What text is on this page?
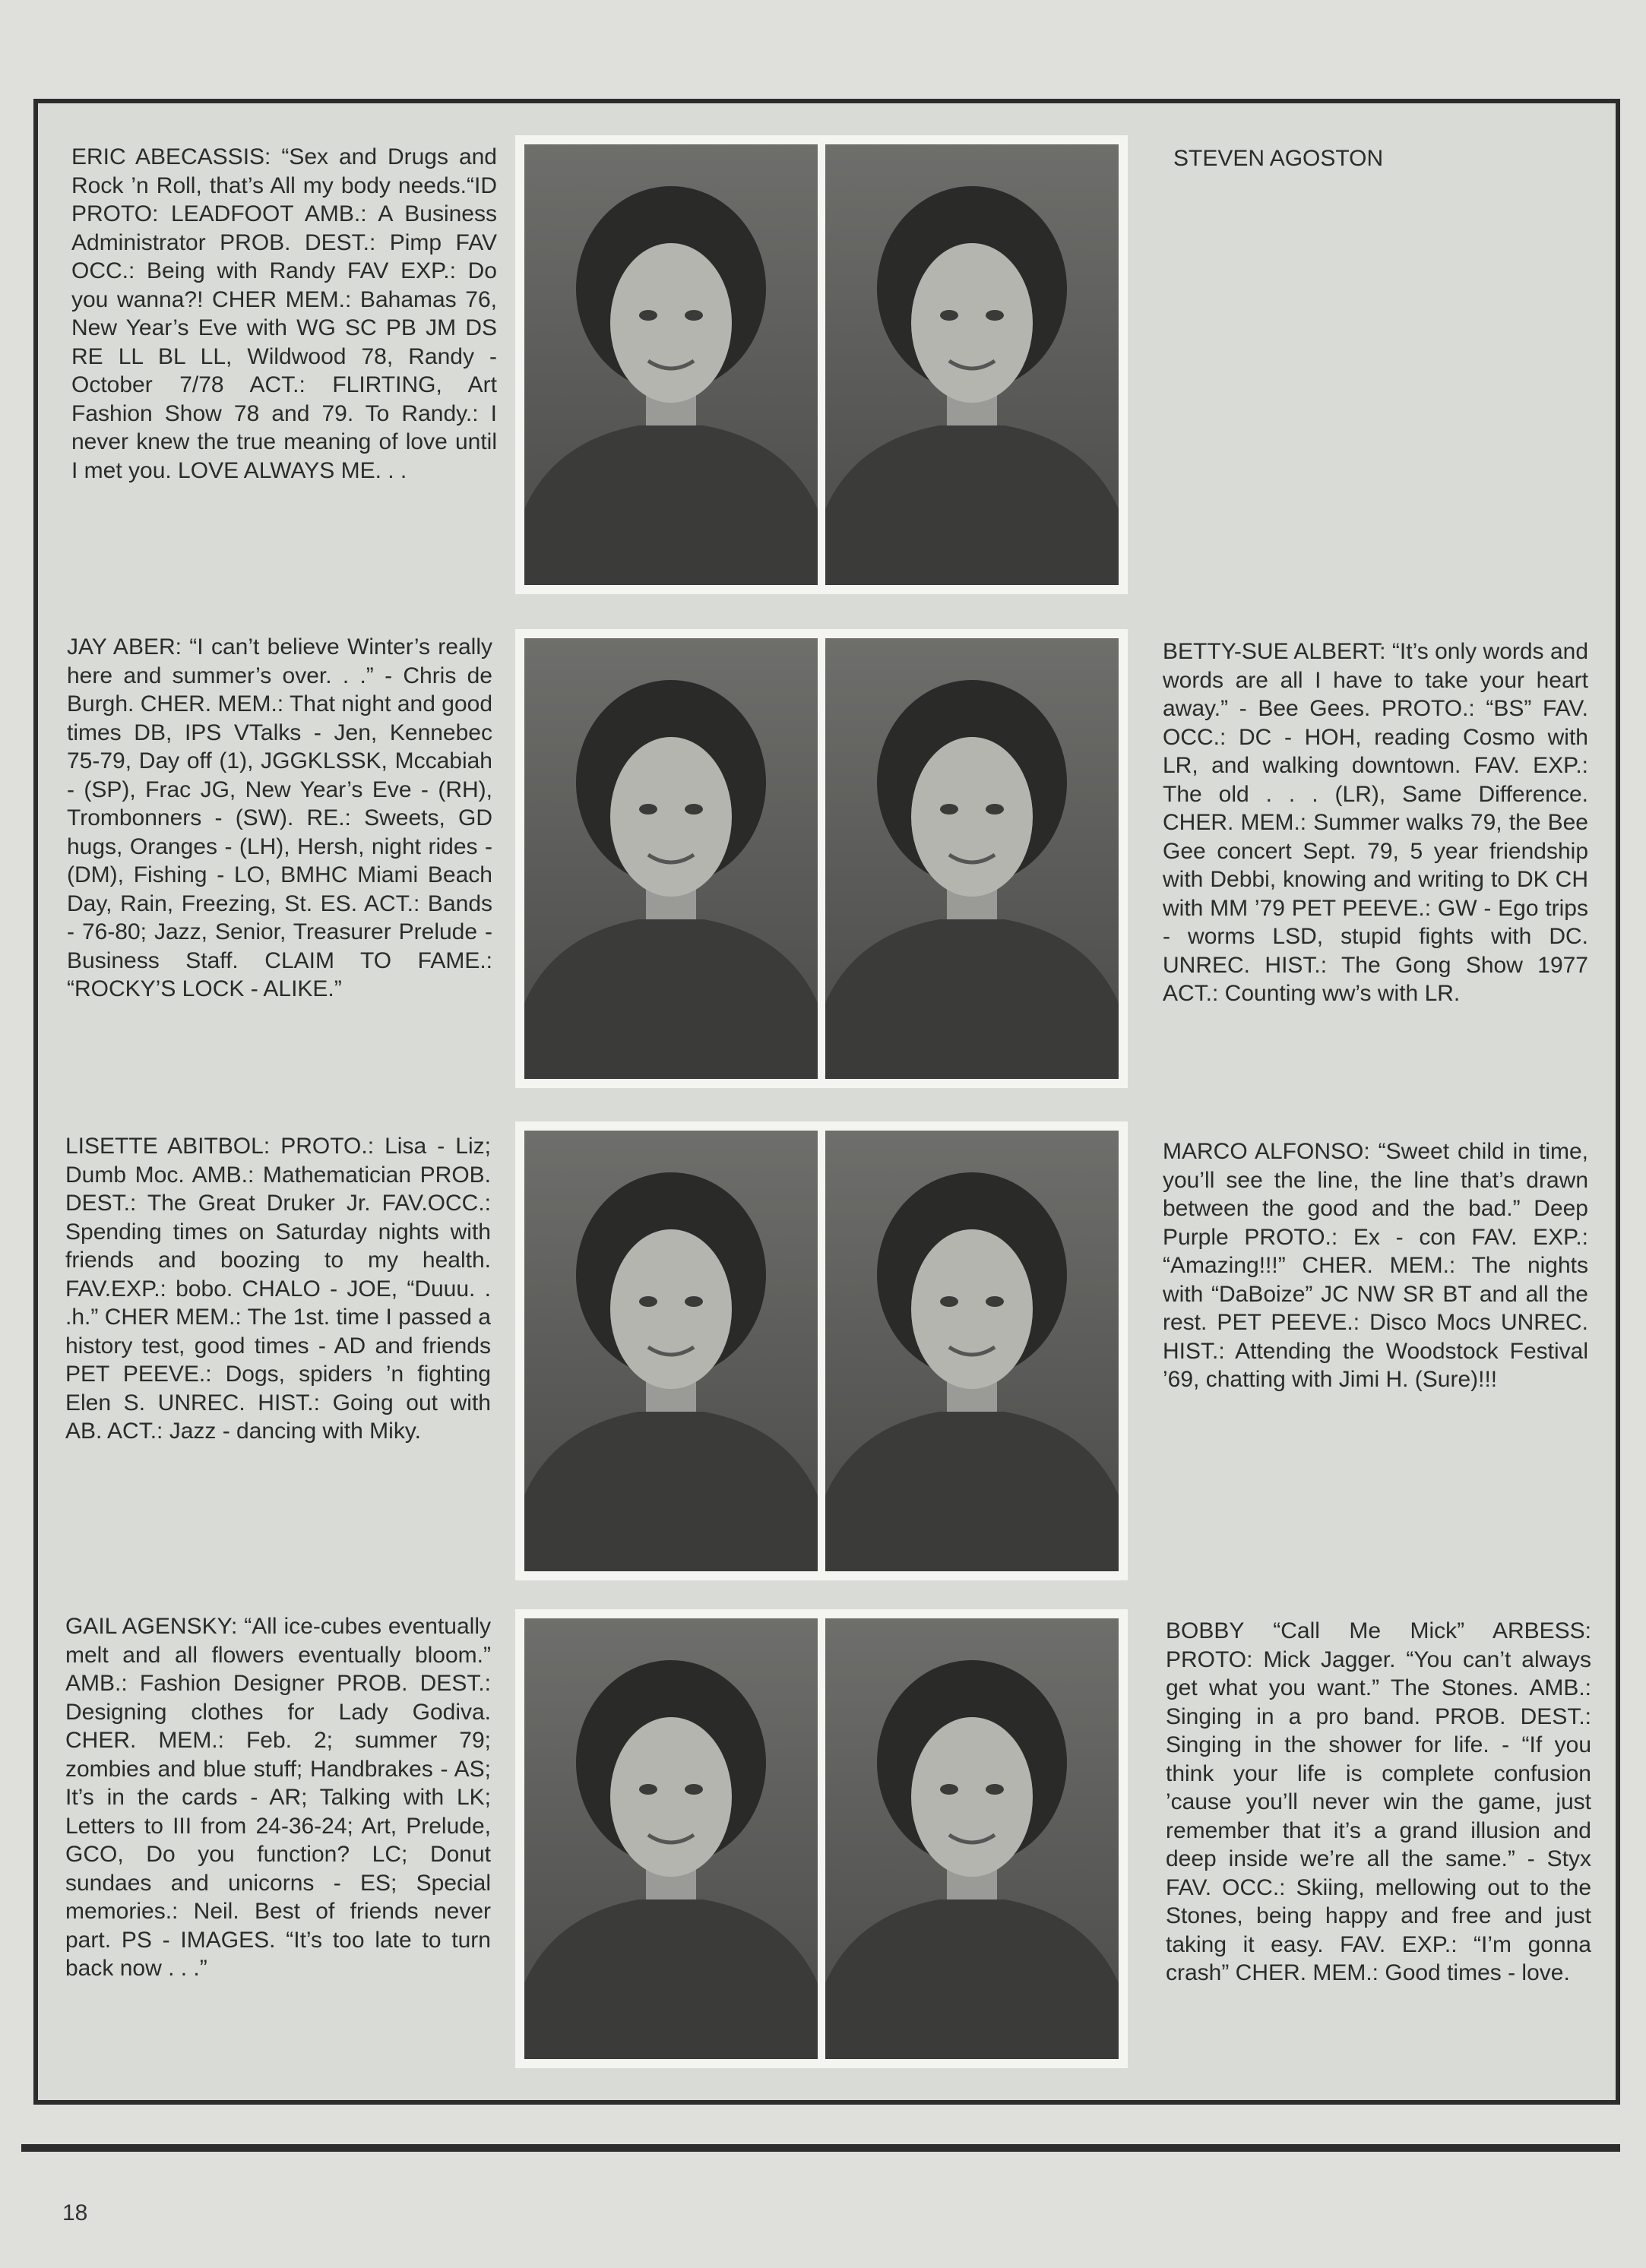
ERIC ABECASSIS: “Sex and Drugs and Rock ’n Roll, that’s All my body needs.“ID PROTO: LEADFOOT AMB.: A Business Administrator PROB. DEST.: Pimp FAV OCC.: Being with Randy FAV EXP.: Do you wanna?! CHER MEM.: Bahamas 76, New Year’s Eve with WG SC PB JM DS RE LL BL LL, Wildwood 78, Randy - October 7/78 ACT.: FLIRTING, Art Fashion Show 78 and 79. To Randy.: I never knew the true meaning of love until I met you. LOVE ALWAYS ME. . .
STEVEN AGOSTON
JAY ABER: “I can’t believe Winter’s really here and summer’s over. . .” - Chris de Burgh. CHER. MEM.: That night and good times DB, IPS VTalks - Jen, Kennebec 75-79, Day off (1), JGGKLSSK, Mccabiah - (SP), Frac JG, New Year’s Eve - (RH), Trombonners - (SW). RE.: Sweets, GD hugs, Oranges - (LH), Hersh, night rides - (DM), Fishing - LO, BMHC Miami Beach Day, Rain, Freezing, St. ES. ACT.: Bands - 76-80; Jazz, Senior, Treasurer Prelude - Business Staff. CLAIM TO FAME.: “ROCKY’S LOCK - ALIKE.”
BETTY-SUE ALBERT: “It’s only words and words are all I have to take your heart away.” - Bee Gees. PROTO.: “BS” FAV. OCC.: DC - HOH, reading Cosmo with LR, and walking downtown. FAV. EXP.: The old . . . (LR), Same Difference. CHER. MEM.: Summer walks 79, the Bee Gee concert Sept. 79, 5 year friendship with Debbi, knowing and writing to DK CH with MM ’79 PET PEEVE.: GW - Ego trips - worms LSD, stupid fights with DC. UNREC. HIST.: The Gong Show 1977 ACT.: Counting ww’s with LR.
LISETTE ABITBOL: PROTO.: Lisa - Liz; Dumb Moc. AMB.: Mathematician PROB. DEST.: The Great Druker Jr. FAV.OCC.: Spending times on Saturday nights with friends and boozing to my health. FAV.EXP.: bobo. CHALO - JOE, “Duuu. . .h.” CHER MEM.: The 1st. time I passed a history test, good times - AD and friends PET PEEVE.: Dogs, spiders ’n fighting Elen S. UNREC. HIST.: Going out with AB. ACT.: Jazz - dancing with Miky.
MARCO ALFONSO: “Sweet child in time, you’ll see the line, the line that’s drawn between the good and the bad.” Deep Purple PROTO.: Ex - con FAV. EXP.: “Amazing!!!” CHER. MEM.: The nights with “DaBoize” JC NW SR BT and all the rest. PET PEEVE.: Disco Mocs UNREC. HIST.: Attending the Woodstock Festival ’69, chatting with Jimi H. (Sure)!!!
GAIL AGENSKY: “All ice-cubes eventually melt and all flowers eventually bloom.” AMB.: Fashion Designer PROB. DEST.: Designing clothes for Lady Godiva. CHER. MEM.: Feb. 2; summer 79; zombies and blue stuff; Handbrakes - AS; It’s in the cards - AR; Talking with LK; Letters to III from 24-36-24; Art, Prelude, GCO, Do you function? LC; Donut sundaes and unicorns - ES; Special memories.: Neil. Best of friends never part. PS - IMAGES. “It’s too late to turn back now . . .”
BOBBY “Call Me Mick” ARBESS: PROTO: Mick Jagger. “You can’t always get what you want.” The Stones. AMB.: Singing in a pro band. PROB. DEST.: Singing in the shower for life. - “If you think your life is complete confusion ’cause you’ll never win the game, just remember that it’s a grand illusion and deep inside we’re all the same.” - Styx FAV. OCC.: Skiing, mellowing out to the Stones, being happy and free and just taking it easy. FAV. EXP.: “I’m gonna crash” CHER. MEM.: Good times - love.
18
